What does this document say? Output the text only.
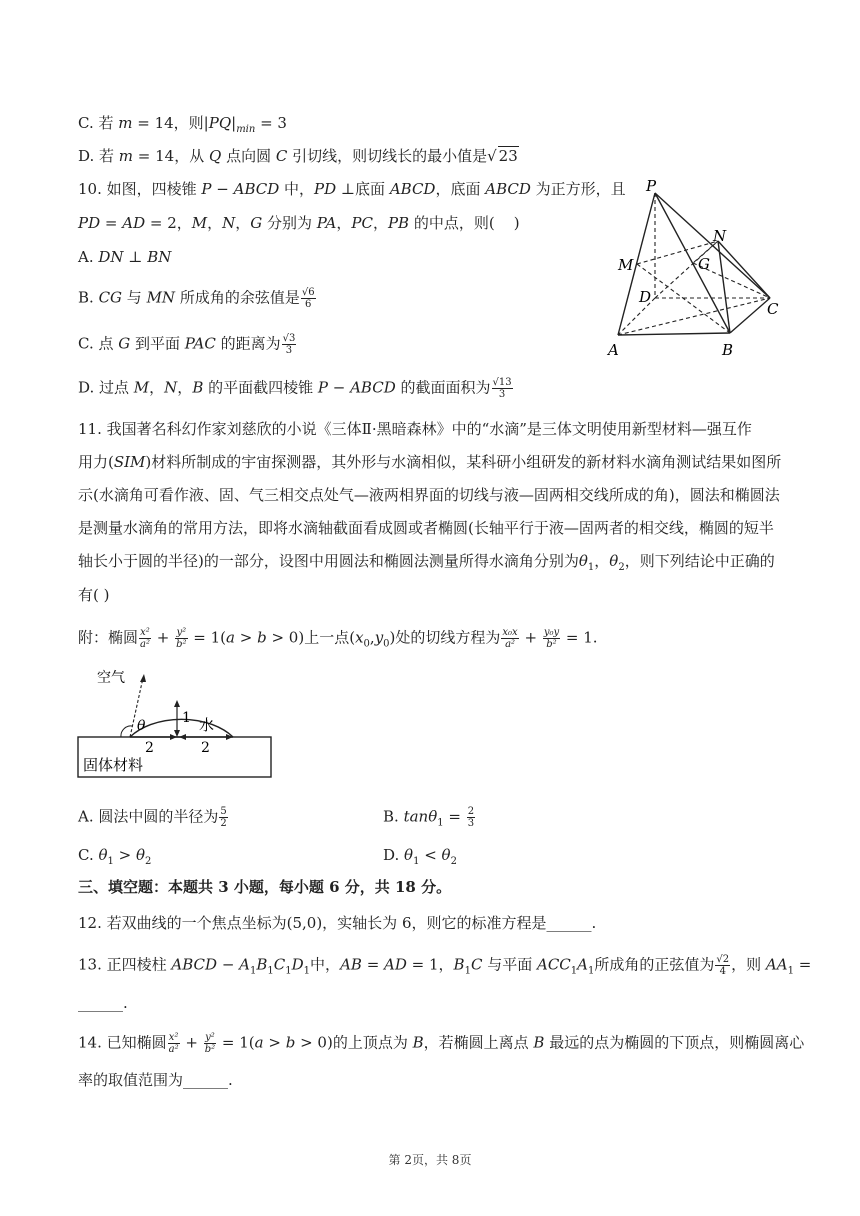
C. 若 m = 14，则$|PQ|_{min} = 3$
D. 若 m = 14，从 Q 点向圆 C 引切线，则切线长的最小值是√ 23
10. 如图，四棱锥 P − ABCD 中，PD ⊥底面 ABCD，底面 ABCD 为正方形，且
PD = AD = 2，M，N，G 分别为 PA，PC，PB 的中点，则(    )
A. DN ⊥ BN
B. CG 与 MN 所成角的余弦值是 $\frac{√6}{6}$
C. 点 G 到平面 PAC 的距离为 $\frac{√3}{3}$
D. 过点 M，N，B 的平面截四棱锥 P − ABCD 的截面面积为 $\frac{√13}{3}$
P
N
G
M
D
C
A	B
11. 我国著名科幻作家刘慈欣的小说《三体Ⅱ·黑暗森林》中的“水滴”是三体文明使用新型材料—强互作
用力(SIM)材料所制成的宇宙探测器，其外形与水滴相似，某科研小组研发的新材料水滴角测试结果如图所
示(水滴角可看作液、固、气三相交点处气—液两相界面的切线与液—固两相交线所成的角)，圆法和椭圆法
是测量水滴角的常用方法，即将水滴轴截面看成圆或者椭圆(长轴平行于液—固两者的相交线，椭圆的短半
轴长小于圆的半径)的一部分，设图中用圆法和椭圆法测量所得水滴角分别为$\theta_1$，$\theta_2$，则下列结论中正确的
有( )
附：椭圆 $\frac{\text{x²}}{\text{a²}} + \frac{\text{y²}}{\text{b²}} = 1(a > b > 0)$上一点$(x_0,y_0)$处的切线方程为 $\frac{\text{x₀x}}{\text{a²}} + \frac{\text{y₀y}}{\text{b²}} = 1$.
空气
θ	1 水
2	2
固体材料
A. 圆法中圆的半径为 $\frac{5}{2}$	B. $\tan\theta_1 = \frac{2}{3}$
C. $\theta_1 > \theta_2$	D. $\theta_1 < \theta_2$
三、填空题：本题共 3 小题，每小题 6 分，共 18 分。
12. 若双曲线的一个焦点坐标为(5,0)，实轴长为 6，则它的标准方程是______.
13. 正四棱柱 ABCD − $A_1B_1C_1D_1$中，AB = AD = 1，$B_1C$ 与平面 $ACC_1A_1$所成角的正弦值为 $\frac{√2}{4}$ ，则 $AA_1$ =
______.
14. 已知椭圆 $\frac{\text{x²}}{\text{a²}} + \frac{\text{y²}}{\text{b²}} = 1(a > b > 0)$的上顶点为 B，若椭圆上离点 B 最远的点为椭圆的下顶点，则椭圆离心
率的取值范围为______.
第 2页，共 8页
